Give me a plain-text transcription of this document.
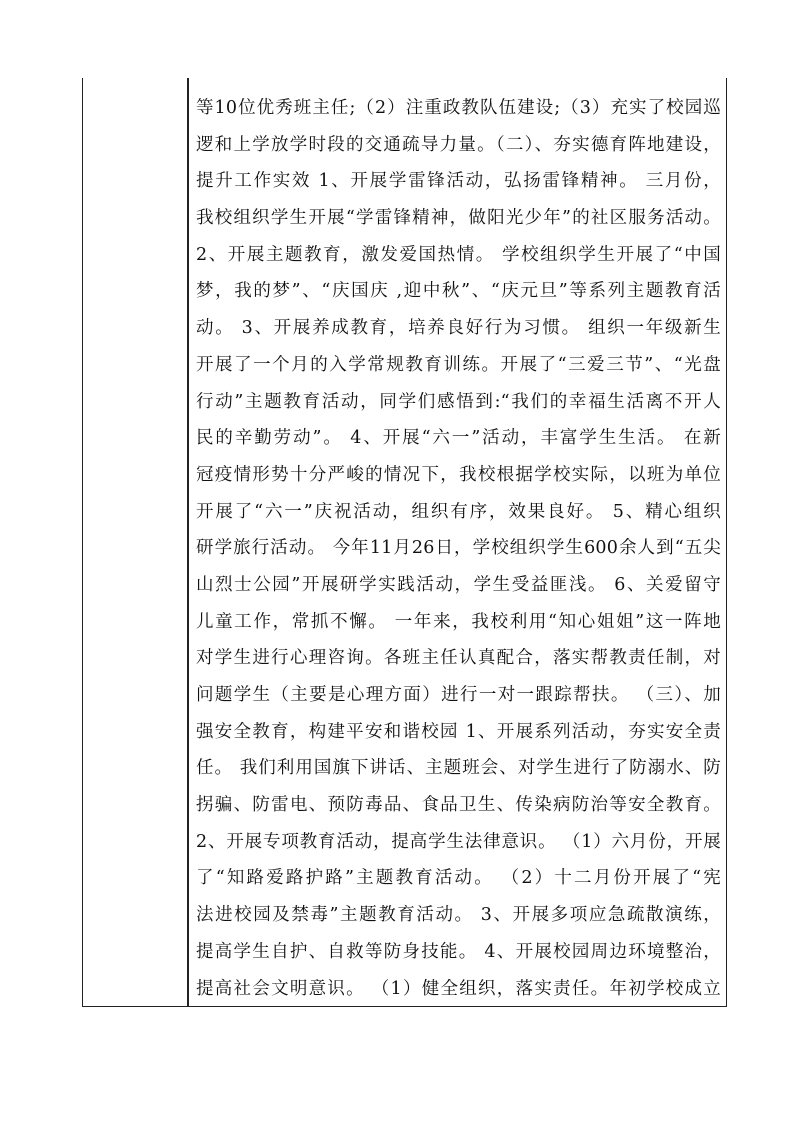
等10位优秀班主任;（2）注重政教队伍建设;（3）充实了校园巡
逻和上学放学时段的交通疏导力量。（二）、夯实德育阵地建设，
提升工作实效 1、开展学雷锋活动，弘扬雷锋精神。 三月份，
我校组织学生开展“学雷锋精神，做阳光少年”的社区服务活动。
2、开展主题教育，激发爱国热情。 学校组织学生开展了“中国
梦，我的梦”、“庆国庆 ,迎中秋”、“庆元旦”等系列主题教育活
动。 3、开展养成教育，培养良好行为习惯。 组织一年级新生
开展了一个月的入学常规教育训练。开展了“三爱三节”、“光盘
行动”主题教育活动，同学们感悟到:“我们的幸福生活离不开人
民的辛勤劳动”。 4、开展“六一”活动，丰富学生生活。 在新
冠疫情形势十分严峻的情况下，我校根据学校实际，以班为单位
开展了“六一”庆祝活动，组织有序，效果良好。 5、精心组织
研学旅行活动。 今年11月26日，学校组织学生600余人到“五尖
山烈士公园”开展研学实践活动，学生受益匪浅。 6、关爱留守
儿童工作，常抓不懈。 一年来，我校利用“知心姐姐”这一阵地
对学生进行心理咨询。各班主任认真配合，落实帮教责任制，对
问题学生（主要是心理方面）进行一对一跟踪帮扶。 （三）、加
强安全教育，构建平安和谐校园 1、开展系列活动，夯实安全责
任。 我们利用国旗下讲话、主题班会、对学生进行了防溺水、防
拐骗、防雷电、预防毒品、食品卫生、传染病防治等安全教育。
2、开展专项教育活动，提高学生法律意识。 （1）六月份，开展
了“知路爱路护路”主题教育活动。 （2）十二月份开展了“宪
法进校园及禁毒”主题教育活动。 3、开展多项应急疏散演练，
提高学生自护、自救等防身技能。 4、开展校园周边环境整治，
提高社会文明意识。 （1）健全组织，落实责任。年初学校成立
